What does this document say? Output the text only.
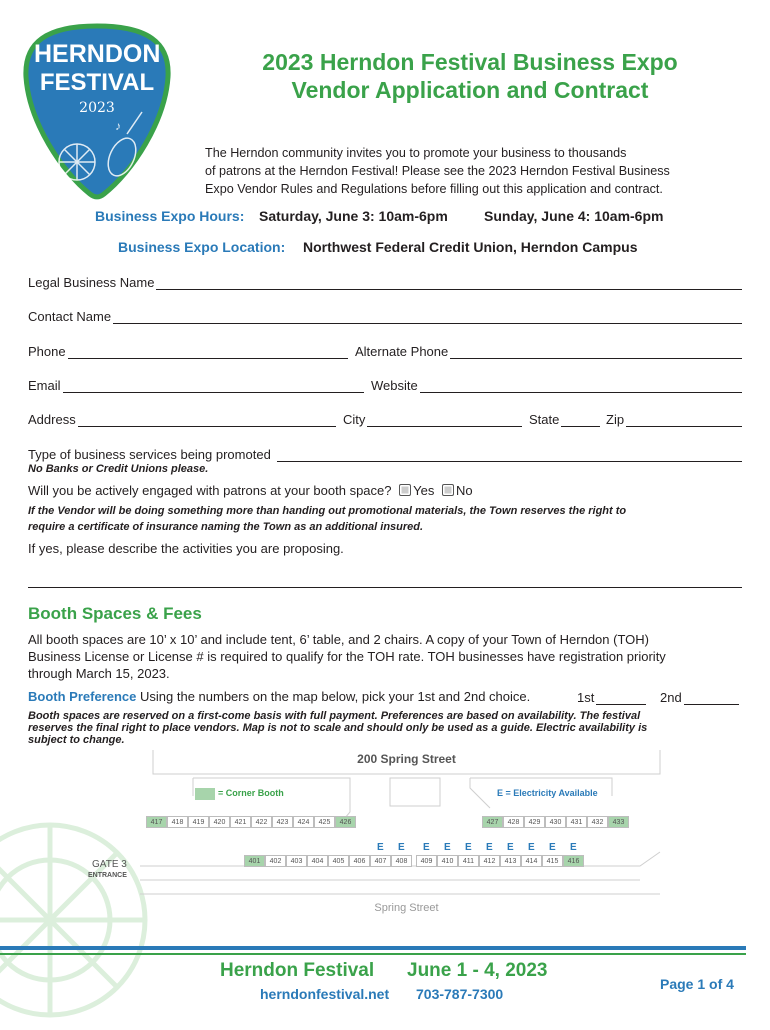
♪
HERNDON
FESTIVAL
2023
2023 Herndon Festival Business Expo
Vendor Application and Contract
The Herndon community invites you to promote your business to thousands
of patrons at the Herndon Festival! Please see the 2023 Herndon Festival Business
Expo Vendor Rules and Regulations before filling out this application and contract.
Business Expo Hours: Saturday, June 3: 10am-6pm	Sunday, June 4: 10am-6pm
Business Expo Location: Northwest Federal Credit Union, Herndon Campus
Legal Business Name
Contact Name
Phone	Alternate Phone
Email	Website
Address	City	State	Zip
Type of business services being promoted
No Banks or Credit Unions please.
Will you be actively engaged with patrons at your booth space? Yes No
If the Vendor will be doing something more than handing out promotional materials, the Town reserves the right to
require a certificate of insurance naming the Town as an additional insured.
If yes, please describe the activities you are proposing.
Booth Spaces & Fees
All booth spaces are 10’ x 10’ and include tent, 6’ table, and 2 chairs. A copy of your Town of Herndon (TOH)
Business License or License # is required to qualify for the TOH rate. TOH businesses have registration priority
through March 15, 2023.
Booth Preference Using the numbers on the map below, pick your 1st and 2nd choice.	1st	2nd
Booth spaces are reserved on a first-come basis with full payment. Preferences are based on availability. The festival
reserves the final right to place vendors. Map is not to scale and should only be used as a guide. Electric availability is
subject to change.
200 Spring Street
= Corner Booth	E = Electricity Available
417	418	419	420	421	422	423	424	425	426	427	428	429	430	431	432	433
401	402	403	404	405	406	407	408	409	410	411	412	413	414	415	416
E E E E E E E E E E
GATE 3
ENTRANCE
Spring Street
Herndon Festival June 1 - 4, 2023
herndonfestival.net 703-787-7300
Page 1 of 4
